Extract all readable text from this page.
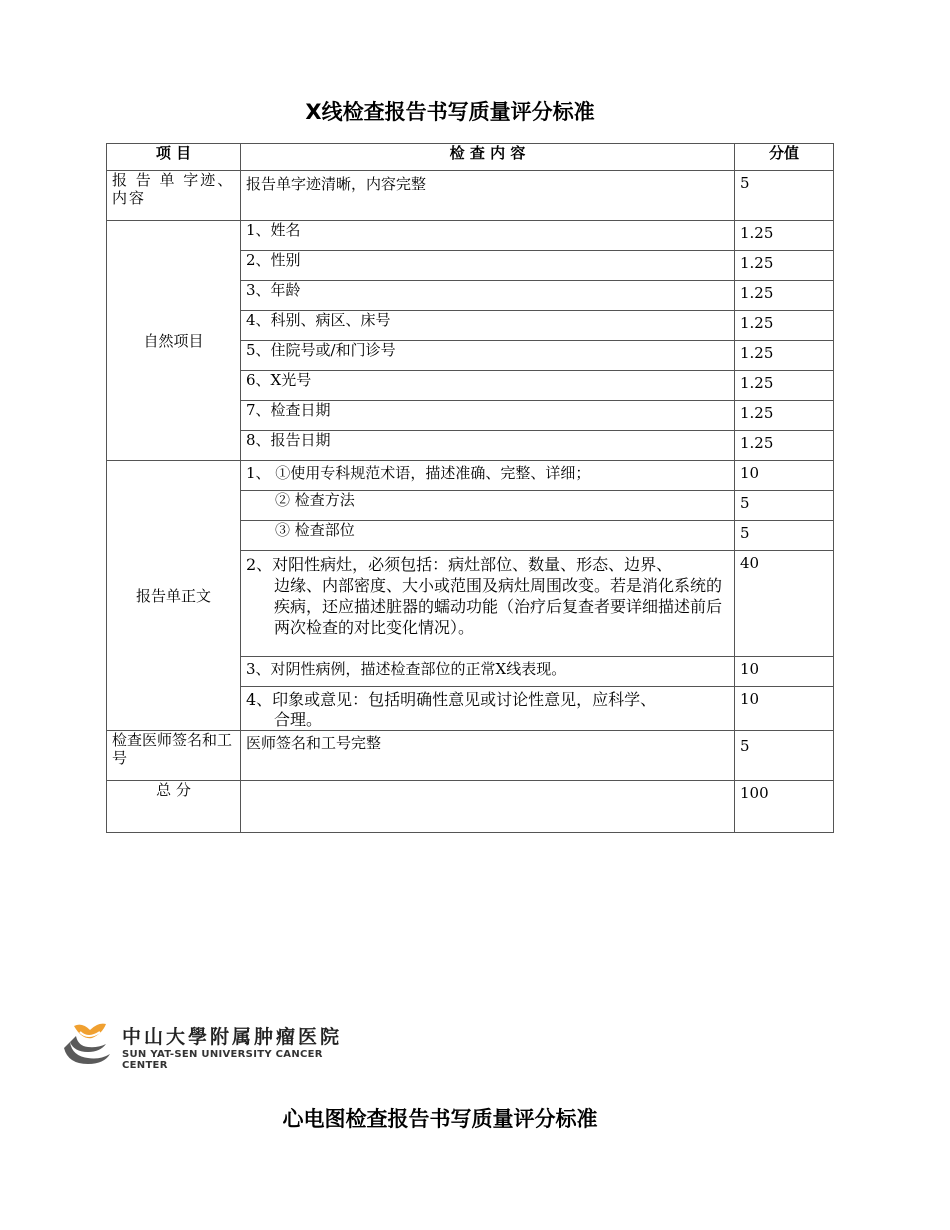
X线检查报告书写质量评分标准
项 目	检 查 内 容	分值
报 告 单 字迹、内容	报告单字迹清晰，内容完整	5
自然项目	1、姓名	1.25
	2、性别	1.25
	3、年龄	1.25
	4、科别、病区、床号	1.25
	5、住院号或/和门诊号	1.25
	6、X光号	1.25
	7、检查日期	1.25
	8、报告日期	1.25
报告单正文	1、 ①使用专科规范术语，描述准确、完整、详细；	10
	② 检查方法	5
	③ 检查部位	5

	2、对阳性病灶，必须包括：病灶部位、数量、形态、边界、
边缘、内部密度、大小或范围及病灶周围改变。若是消化系统的疾病，还应描述脏器的蠕动功能（治疗后复查者要详细描述前后两次检查的对比变化情况）。	40
	3、对阴性病例，描述检查部位的正常X线表现。	10

	4、印象或意见：包括明确性意见或讨论性意见，应科学、
合理。	10
检查医师签名和工号	医师签名和工号完整	5
总 分		100
中山大學附属肿瘤医院
SUN YAT-SEN UNIVERSITY CANCER CENTER
心电图检查报告书写质量评分标准
